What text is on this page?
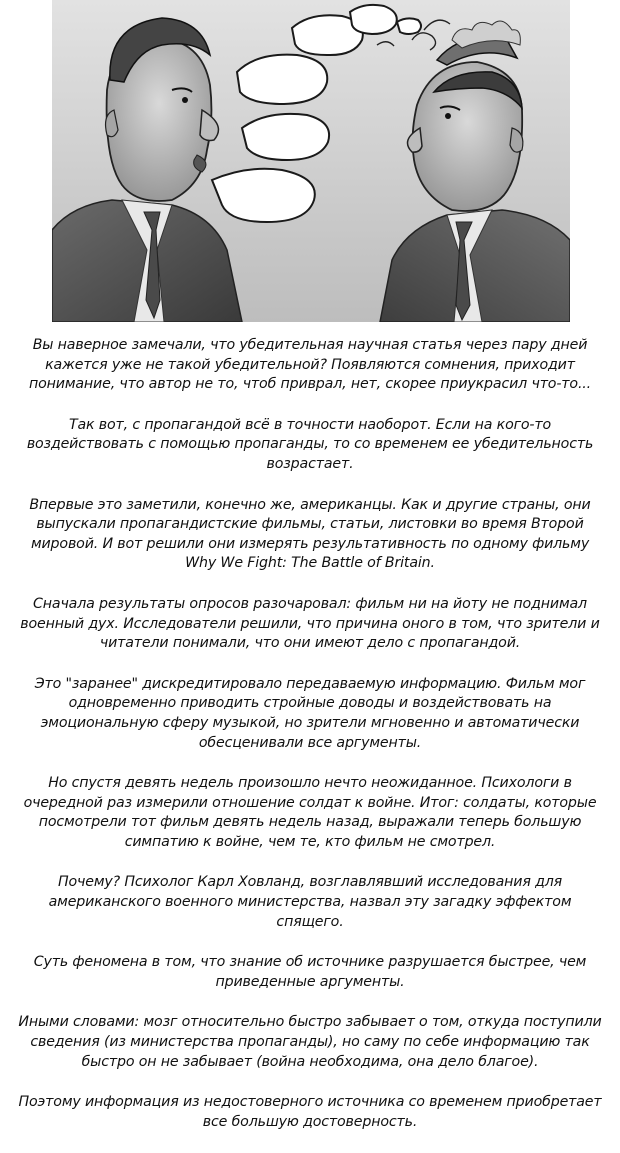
Вы наверное замечали, что убедительная научная статья через пару дней кажется уже не такой убедительной? Появляются сомнения, приходит понимание, что автор не то, чтоб приврал, нет, скорее приукрасил что-то...

Так вот, с пропагандой всё в точности наоборот. Если на кого-то воздействовать с помощью пропаганды, то со временем ее убедительность возрастает.

Впервые это заметили, конечно же, американцы. Как и другие страны, они выпускали пропагандистские фильмы, статьи, листовки во время Второй мировой. И вот решили они измерять результативность по одному фильму Why We Fight: The Battle of Britain.

Сначала результаты опросов разочаровал: фильм ни на йоту не поднимал военный дух. Исследователи решили, что причина оного в том, что зрители и читатели понимали, что они имеют дело с пропагандой.

Это "заранее" дискредитировало передаваемую информацию. Фильм мог одновременно приводить стройные доводы и воздействовать на эмоциональную сферу музыкой, но зрители мгновенно и автоматически обесценивали все аргументы.

Но спустя девять недель произошло нечто неожиданное. Психологи в очередной раз измерили отношение солдат к войне. Итог: солдаты, которые посмотрели тот фильм девять недель назад, выражали теперь большую симпатию к войне, чем те, кто фильм не смотрел.

Почему? Психолог Карл Ховланд, возглавлявший исследования для американского военного министерства, назвал эту загадку эффектом спящего.

Суть феномена в том, что знание об источнике разрушается быстрее, чем приведенные аргументы.

Иными словами: мозг относительно быстро забывает о том, откуда поступили сведения (из министерства пропаганды), но саму по себе информацию так быстро он не забывает (война необходима, она дело благое).

Поэтому информация из недостоверного источника со временем приобретает все большую достоверность.
